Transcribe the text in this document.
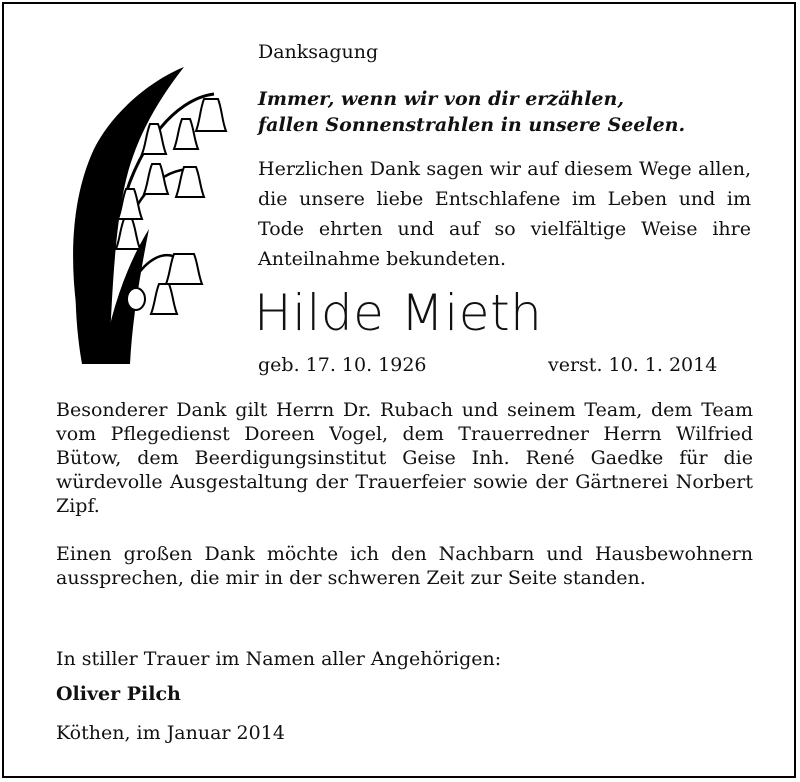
Danksagung
Immer, wenn wir von dir erzählen,
fallen Sonnenstrahlen in unsere Seelen.
Herzlichen Dank sagen wir auf diesem Wege allen, die unsere liebe Entschlafene im Leben und im Tode ehrten und auf so vielfältige Weise ihre Anteilnahme bekundeten.
Hilde Mieth
geb. 17. 10. 1926	verst. 10. 1. 2014
Besonderer Dank gilt Herrn Dr. Rubach und seinem Team, dem Team vom Pflegedienst Doreen Vogel, dem Trauerredner Herrn Wilfried Bütow, dem Beerdigungsinstitut Geise Inh. René Gaedke für die würdevolle Ausgestaltung der Trauerfeier sowie der Gärtnerei Norbert Zipf.
Einen großen Dank möchte ich den Nachbarn und Hausbewohnern aussprechen, die mir in der schweren Zeit zur Seite standen.
In stiller Trauer im Namen aller Angehörigen:
Oliver Pilch
Köthen, im Januar 2014
